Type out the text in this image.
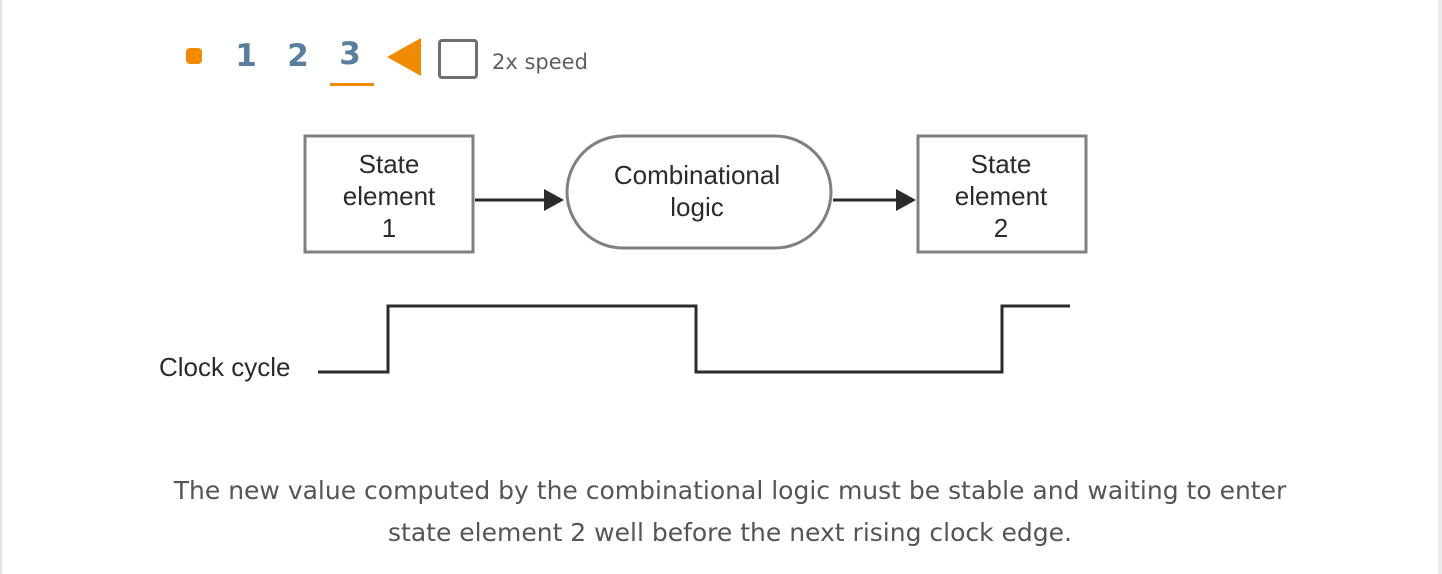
1 2 3	2x speed
State
element
1
Combinational
logic
State
element
2
Clock cycle
The new value computed by the combinational logic must be stable and waiting to enter
state element 2 well before the next rising clock edge.
